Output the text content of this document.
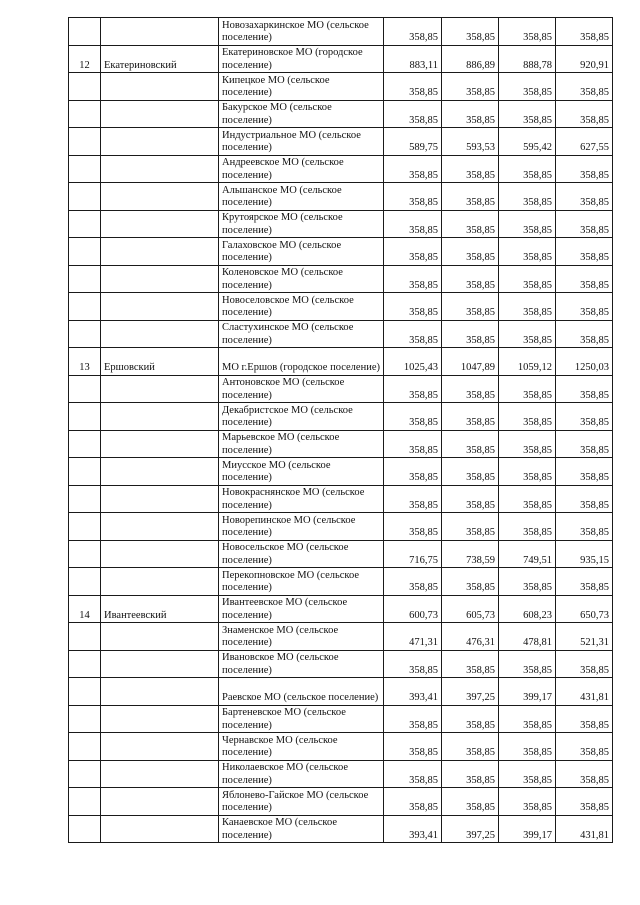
		Новозахаркинское МО (сельское поселение)	358,85	358,85	358,85	358,85
12	Екатериновский	Екатериновское МО (городское поселение)	883,11	886,89	888,78	920,91
		Кипецкое МО (сельское поселение)	358,85	358,85	358,85	358,85
		Бакурское МО (сельское поселение)	358,85	358,85	358,85	358,85
		Индустриальное МО (сельское поселение)	589,75	593,53	595,42	627,55
		Андреевское МО (сельское поселение)	358,85	358,85	358,85	358,85
		Альшанское МО (сельское поселение)	358,85	358,85	358,85	358,85
		Крутоярское МО (сельское поселение)	358,85	358,85	358,85	358,85
		Галаховское МО (сельское поселение)	358,85	358,85	358,85	358,85
		Коленовское МО (сельское поселение)	358,85	358,85	358,85	358,85
		Новоселовское МО (сельское поселение)	358,85	358,85	358,85	358,85
		Сластухинское МО (сельское поселение)	358,85	358,85	358,85	358,85
13	Ершовский	МО г.Ершов (городское поселение)	1025,43	1047,89	1059,12	1250,03
		Антоновское МО (сельское поселение)	358,85	358,85	358,85	358,85
		Декабристское МО (сельское поселение)	358,85	358,85	358,85	358,85
		Марьевское МО (сельское поселение)	358,85	358,85	358,85	358,85
		Миусское МО (сельское поселение)	358,85	358,85	358,85	358,85
		Новокраснянское МО (сельское поселение)	358,85	358,85	358,85	358,85
		Новорепинское МО (сельское поселение)	358,85	358,85	358,85	358,85
		Новосельское МО (сельское поселение)	716,75	738,59	749,51	935,15
		Перекопновское МО (сельское поселение)	358,85	358,85	358,85	358,85
14	Ивантеевский	Ивантеевское МО (сельское поселение)	600,73	605,73	608,23	650,73
		Знаменское МО (сельское поселение)	471,31	476,31	478,81	521,31
		Ивановское МО (сельское поселение)	358,85	358,85	358,85	358,85
		Раевское МО (сельское поселение)	393,41	397,25	399,17	431,81
		Бартеневское МО (сельское поселение)	358,85	358,85	358,85	358,85
		Чернавское МО (сельское поселение)	358,85	358,85	358,85	358,85
		Николаевское МО (сельское поселение)	358,85	358,85	358,85	358,85
		Яблонево-Гайское МО (сельское поселение)	358,85	358,85	358,85	358,85
		Канаевское МО (сельское поселение)	393,41	397,25	399,17	431,81
